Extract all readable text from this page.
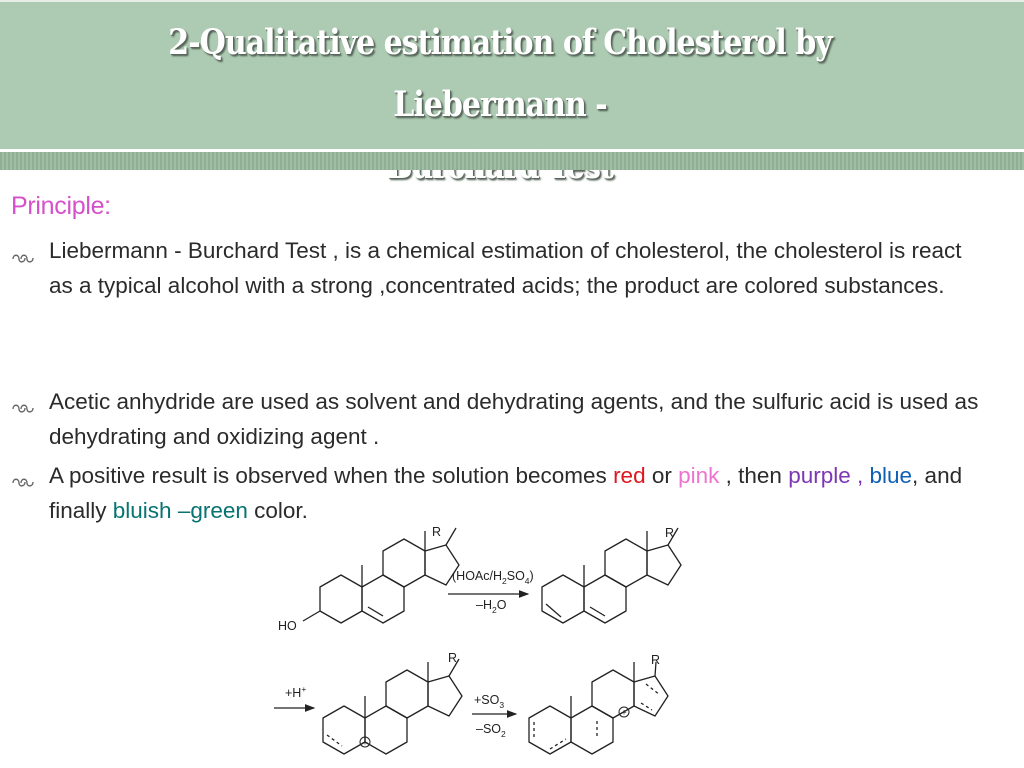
2-Qualitative estimation of Cholesterol by Liebermann -
Principle:
Liebermann - Burchard Test , is a chemical estimation of cholesterol, the cholesterol is react as a typical alcohol with a strong ,concentrated acids; the product are colored substances.
Acetic anhydride are used as solvent and dehydrating agents, and the sulfuric acid is used as dehydrating and oxidizing agent .
A positive result is observed when the solution becomes red or pink , then purple , blue, and finally bluish –green color.
HO
R	R
R	R
$(HOAc/H_2SO_4)$
$-H_2O$
+H+
$+SO_3$
$-SO_2$
+
+
